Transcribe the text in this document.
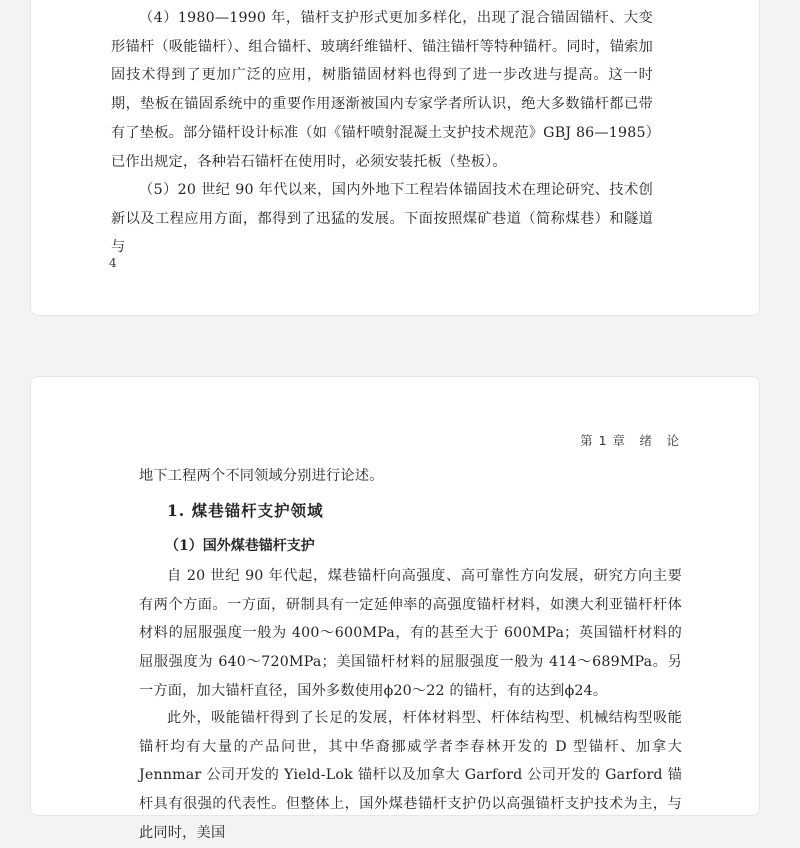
（4）1980—1990 年，锚杆支护形式更加多样化，出现了混合锚固锚杆、大变形锚杆（吸能锚杆）、组合锚杆、玻璃纤维锚杆、锚注锚杆等特种锚杆。同时，锚索加固技术得到了更加广泛的应用，树脂锚固材料也得到了进一步改进与提高。这一时期，垫板在锚固系统中的重要作用逐渐被国内专家学者所认识，绝大多数锚杆都已带有了垫板。部分锚杆设计标准（如《锚杆喷射混凝土支护技术规范》GBJ 86—1985）已作出规定，各种岩石锚杆在使用时，必须安装托板（垫板）。

（5）20 世纪 90 年代以来，国内外地下工程岩体锚固技术在理论研究、技术创新以及工程应用方面，都得到了迅猛的发展。下面按照煤矿巷道（简称煤巷）和隧道与

4
第 1 章　绪　论

地下工程两个不同领域分别进行论述。

1. 煤巷锚杆支护领域
（1）国外煤巷锚杆支护

自 20 世纪 90 年代起，煤巷锚杆向高强度、高可靠性方向发展，研究方向主要有两个方面。一方面，研制具有一定延伸率的高强度锚杆材料，如澳大利亚锚杆杆体材料的屈服强度一般为 400～600MPa，有的甚至大于 600MPa；英国锚杆材料的屈服强度为 640～720MPa；美国锚杆材料的屈服强度一般为 414～689MPa。另一方面，加大锚杆直径，国外多数使用ϕ20～22 的锚杆，有的达到ϕ24。

此外，吸能锚杆得到了长足的发展，杆体材料型、杆体结构型、机械结构型吸能锚杆均有大量的产品问世，其中华裔挪威学者李春林开发的 D 型锚杆、加拿大 Jennmar 公司开发的 Yield-Lok 锚杆以及加拿大 Garford 公司开发的 Garford 锚杆具有很强的代表性。但整体上，国外煤巷锚杆支护仍以高强锚杆支护技术为主，与此同时，美国
